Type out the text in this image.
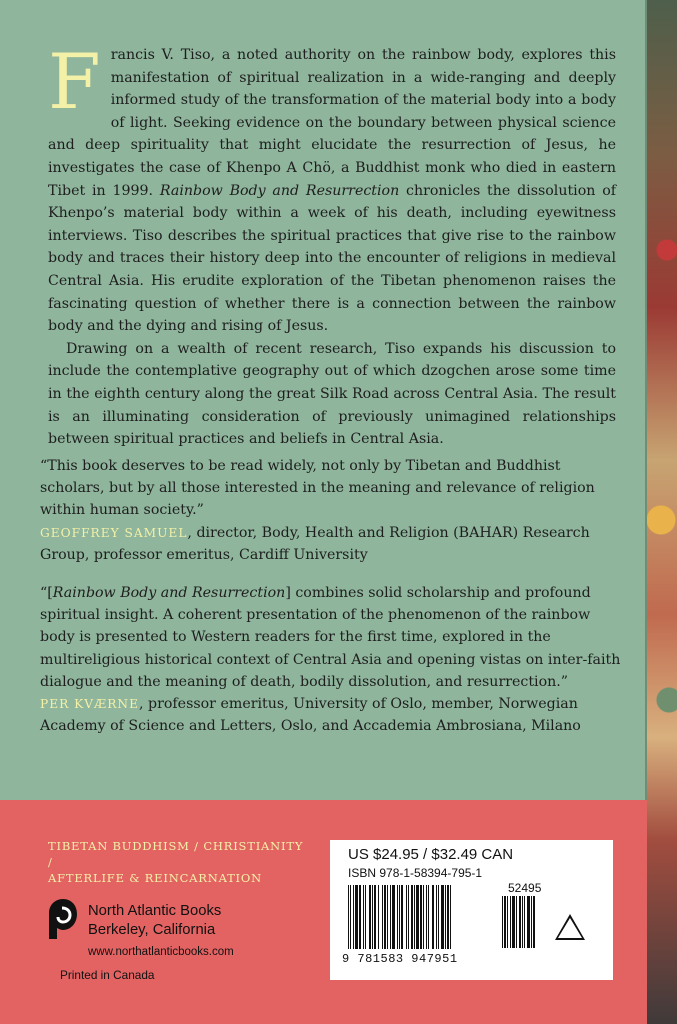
F rancis V. Tiso, a noted authority on the rainbow body, explores this manifestation of spiritual realization in a wide-ranging and deeply informed study of the transformation of the material body into a body of light. Seeking evidence on the boundary between physical science and deep spirituality that might elucidate the resurrection of Jesus, he investigates the case of Khenpo A Chö, a Buddhist monk who died in eastern Tibet in 1999. Rainbow Body and Resurrection chronicles the dissolution of Khenpo’s material body within a week of his death, including eyewitness interviews. Tiso describes the spiritual practices that give rise to the rainbow body and traces their history deep into the encounter of religions in medieval Central Asia. His erudite exploration of the Tibetan phenomenon raises the fascinating question of whether there is a connection between the rainbow body and the dying and rising of Jesus.

Drawing on a wealth of recent research, Tiso expands his discussion to include the contemplative geography out of which dzogchen arose some time in the eighth century along the great Silk Road across Central Asia. The result is an illuminating consideration of previously unimagined relationships between spiritual practices and beliefs in Central Asia.

“This book deserves to be read widely, not only by Tibetan and Buddhist scholars, but by all those interested in the meaning and relevance of religion within human society.”

GEOFFREY SAMUEL, director, Body, Health and Religion (BAHAR) Research Group, professor emeritus, Cardiff University

“[Rainbow Body and Resurrection] combines solid scholarship and profound spiritual insight. A coherent presentation of the phenomenon of the rainbow body is presented to Western readers for the first time, explored in the multireligious historical context of Central Asia and opening vistas on inter-faith dialogue and the meaning of death, bodily dissolution, and resurrection.”

PER KVÆRNE, professor emeritus, University of Oslo, member, Norwegian Academy of Science and Letters, Oslo, and Accademia Ambrosiana, Milano

TIBETAN BUDDHISM / CHRISTIANITY /
AFTERLIFE & REINCARNATION
North Atlantic Books
Berkeley, California
www.northatlanticbooks.com
Printed in Canada
US $24.95 / $32.49 CAN
ISBN 978-1-58394-795-1
52495
9 781583 947951
